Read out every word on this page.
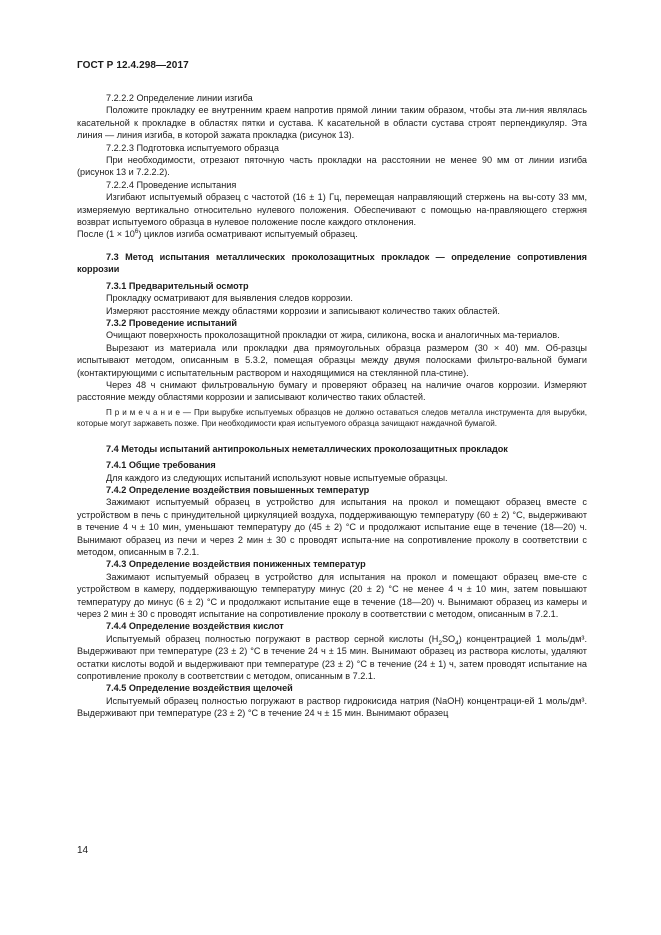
ГОСТ Р 12.4.298—2017

7.2.2.2 Определение линии изгиба

Положите прокладку ее внутренним краем напротив прямой линии таким образом, чтобы эта ли-ния являлась касательной к прокладке в областях пятки и сустава. К касательной в области сустава строят перпендикуляр. Эта линия — линия изгиба, в которой зажата прокладка (рисунок 13).

7.2.2.3 Подготовка испытуемого образца

При необходимости, отрезают пяточную часть прокладки на расстоянии не менее 90 мм от линии изгиба (рисунок 13 и 7.2.2.2).

7.2.2.4 Проведение испытания

Изгибают испытуемый образец с частотой (16 ± 1) Гц, перемещая направляющий стержень на вы-соту 33 мм, измеряемую вертикально относительно нулевого положения. Обеспечивают с помощью на-правляющего стержня возврат испытуемого образца в нулевое положение после каждого отклонения.

После $(1 \times 10^6)$ циклов изгиба осматривают испытуемый образец.

7.3 Метод испытания металлических проколозащитных прокладок — определение сопротивления коррозии

7.3.1 Предварительный осмотр

Прокладку осматривают для выявления следов коррозии.

Измеряют расстояние между областями коррозии и записывают количество таких областей.

7.3.2 Проведение испытаний

Очищают поверхность проколозащитной прокладки от жира, силикона, воска и аналогичных ма-териалов.

Вырезают из материала или прокладки два прямоугольных образца размером (30 × 40) мм. Об-разцы испытывают методом, описанным в 5.3.2, помещая образцы между двумя полосками фильтро-вальной бумаги (контактирующими с испытательным раствором и находящимися на стеклянной пла-стине).

Через 48 ч снимают фильтровальную бумагу и проверяют образец на наличие очагов коррозии. Измеряют расстояние между областями коррозии и записывают количество таких областей.

П р и м е ч а н и е — При вырубке испытуемых образцов не должно оставаться следов металла инструмента для вырубки, которые могут заржаветь позже. При необходимости края испытуемого образца зачищают наждачной бумагой.

7.4 Методы испытаний антипрокольных неметаллических проколозащитных прокладок

7.4.1 Общие требования

Для каждого из следующих испытаний используют новые испытуемые образцы.

7.4.2 Определение воздействия повышенных температур

Зажимают испытуемый образец в устройство для испытания на прокол и помещают образец вместе с устройством в печь с принудительной циркуляцией воздуха, поддерживающую температуру (60 ± 2) °С, выдерживают в течение 4 ч ± 10 мин, уменьшают температуру до (45 ± 2) °С и продолжают испытание еще в течение (18—20) ч. Вынимают образец из печи и через 2 мин ± 30 с проводят испыта-ние на сопротивление проколу в соответствии с методом, описанным в 7.2.1.

7.4.3 Определение воздействия пониженных температур

Зажимают испытуемый образец в устройство для испытания на прокол и помещают образец вме-сте с устройством в камеру, поддерживающую температуру минус (20 ± 2) °С не менее 4 ч ± 10 мин, затем повышают температуру до минус (6 ± 2) °С и продолжают испытание еще в течение (18—20) ч. Вынимают образец из камеры и через 2 мин ± 30 с проводят испытание на сопротивление проколу в соответствии с методом, описанным в 7.2.1.

7.4.4 Определение воздействия кислот

Испытуемый образец полностью погружают в раствор серной кислоты $(H_2SO_4)$ концентрацией 1 моль/дм³. Выдерживают при температуре (23 ± 2) °С в течение 24 ч ± 15 мин. Вынимают образец из раствора кислоты, удаляют остатки кислоты водой и выдерживают при температуре (23 ± 2) °С в течение (24 ± 1) ч, затем проводят испытание на сопротивление проколу в соответствии с методом, описанным в 7.2.1.

7.4.5 Определение воздействия щелочей

Испытуемый образец полностью погружают в раствор гидрокисида натрия (NaOH) концентраци-ей 1 моль/дм³. Выдерживают при температуре (23 ± 2) °С в течение 24 ч ± 15 мин. Вынимают образец

14
